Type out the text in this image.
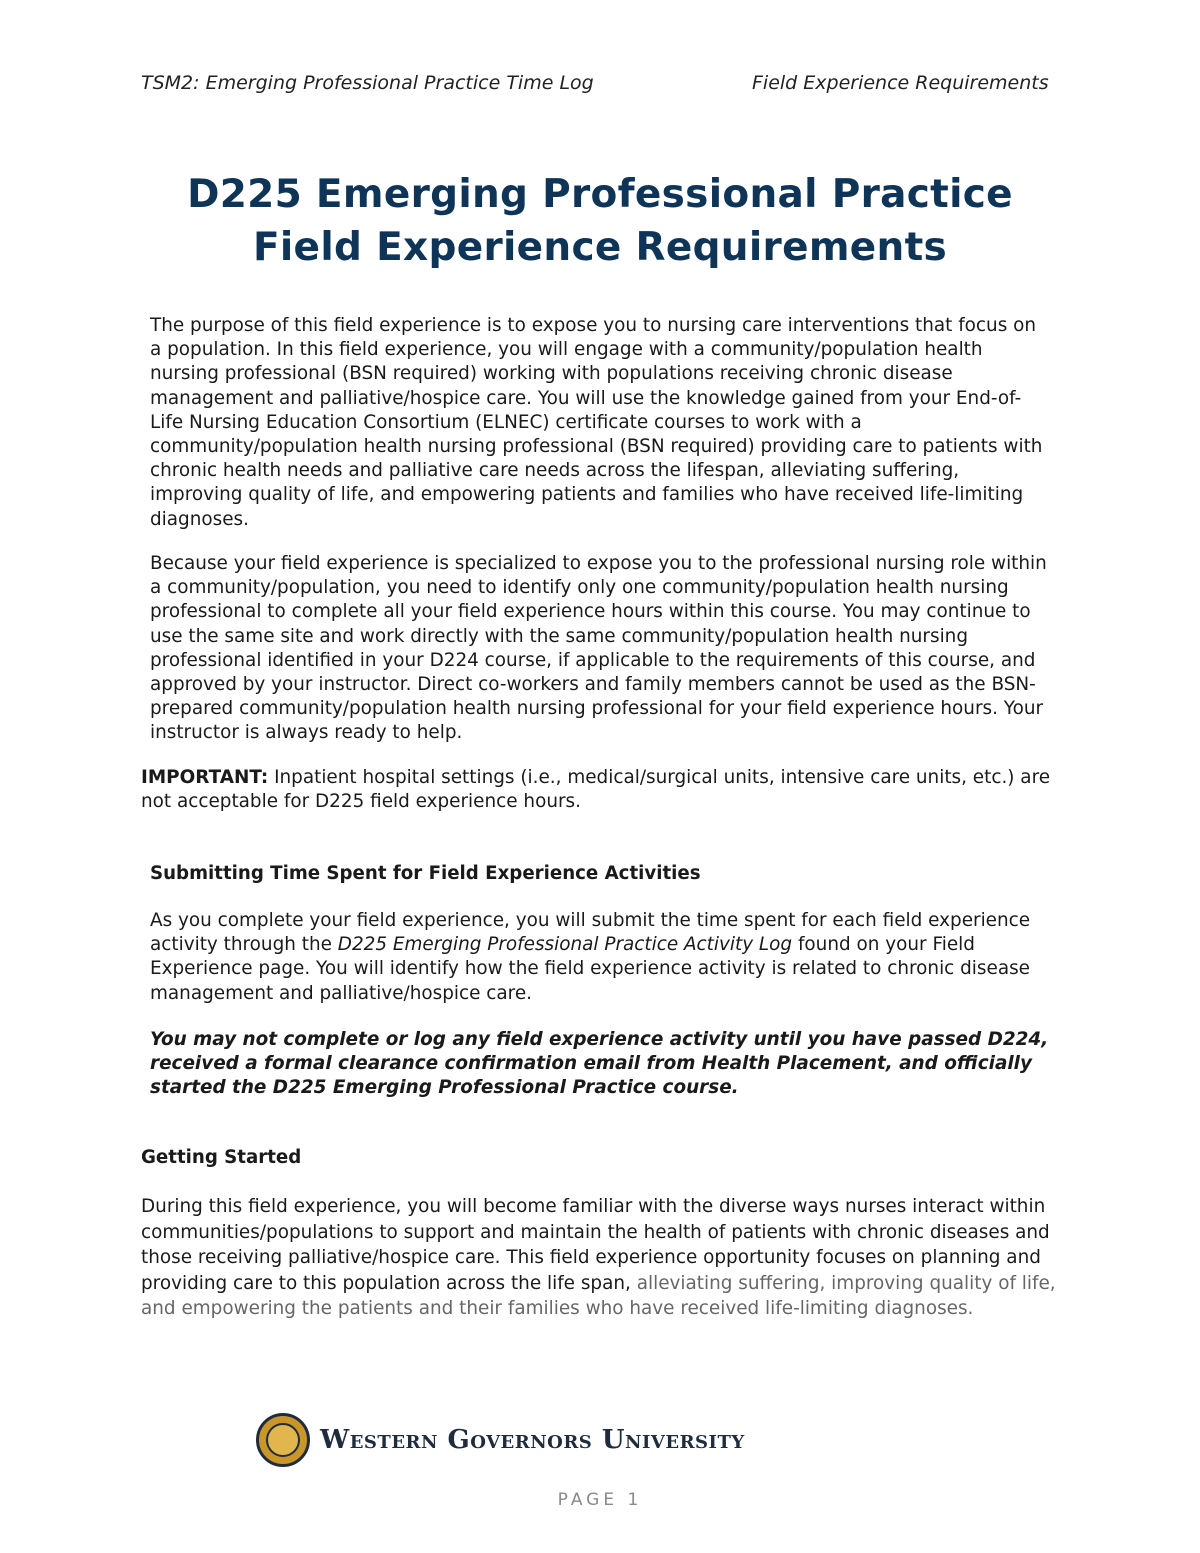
TSM2: Emerging Professional Practice Time Log	Field Experience Requirements
D225 Emerging Professional Practice
Field Experience Requirements
The purpose of this field experience is to expose you to nursing care interventions that focus on a population. In this field experience, you will engage with a community/population health nursing professional (BSN required) working with populations receiving chronic disease management and palliative/hospice care. You will use the knowledge gained from your End-of-Life Nursing Education Consortium (ELNEC) certificate courses to work with a community/population health nursing professional (BSN required) providing care to patients with chronic health needs and palliative care needs across the lifespan, alleviating suffering, improving quality of life, and empowering patients and families who have received life-limiting diagnoses.
Because your field experience is specialized to expose you to the professional nursing role within a community/population, you need to identify only one community/population health nursing professional to complete all your field experience hours within this course. You may continue to use the same site and work directly with the same community/population health nursing professional identified in your D224 course, if applicable to the requirements of this course, and approved by your instructor. Direct co-workers and family members cannot be used as the BSN-prepared community/population health nursing professional for your field experience hours. Your instructor is always ready to help.
IMPORTANT: Inpatient hospital settings (i.e., medical/surgical units, intensive care units, etc.) are not acceptable for D225 field experience hours.
Submitting Time Spent for Field Experience Activities
As you complete your field experience, you will submit the time spent for each field experience activity through the D225 Emerging Professional Practice Activity Log found on your Field Experience page. You will identify how the field experience activity is related to chronic disease management and palliative/hospice care.
You may not complete or log any field experience activity until you have passed D224, received a formal clearance confirmation email from Health Placement, and officially started the D225 Emerging Professional Practice course.
Getting Started
During this field experience, you will become familiar with the diverse ways nurses interact within communities/populations to support and maintain the health of patients with chronic diseases and those receiving palliative/hospice care. This field experience opportunity focuses on planning and providing care to this population across the life span, alleviating suffering, improving quality of life, and empowering the patients and their families who have received life-limiting diagnoses.
Western Governors University
PAGE 1
